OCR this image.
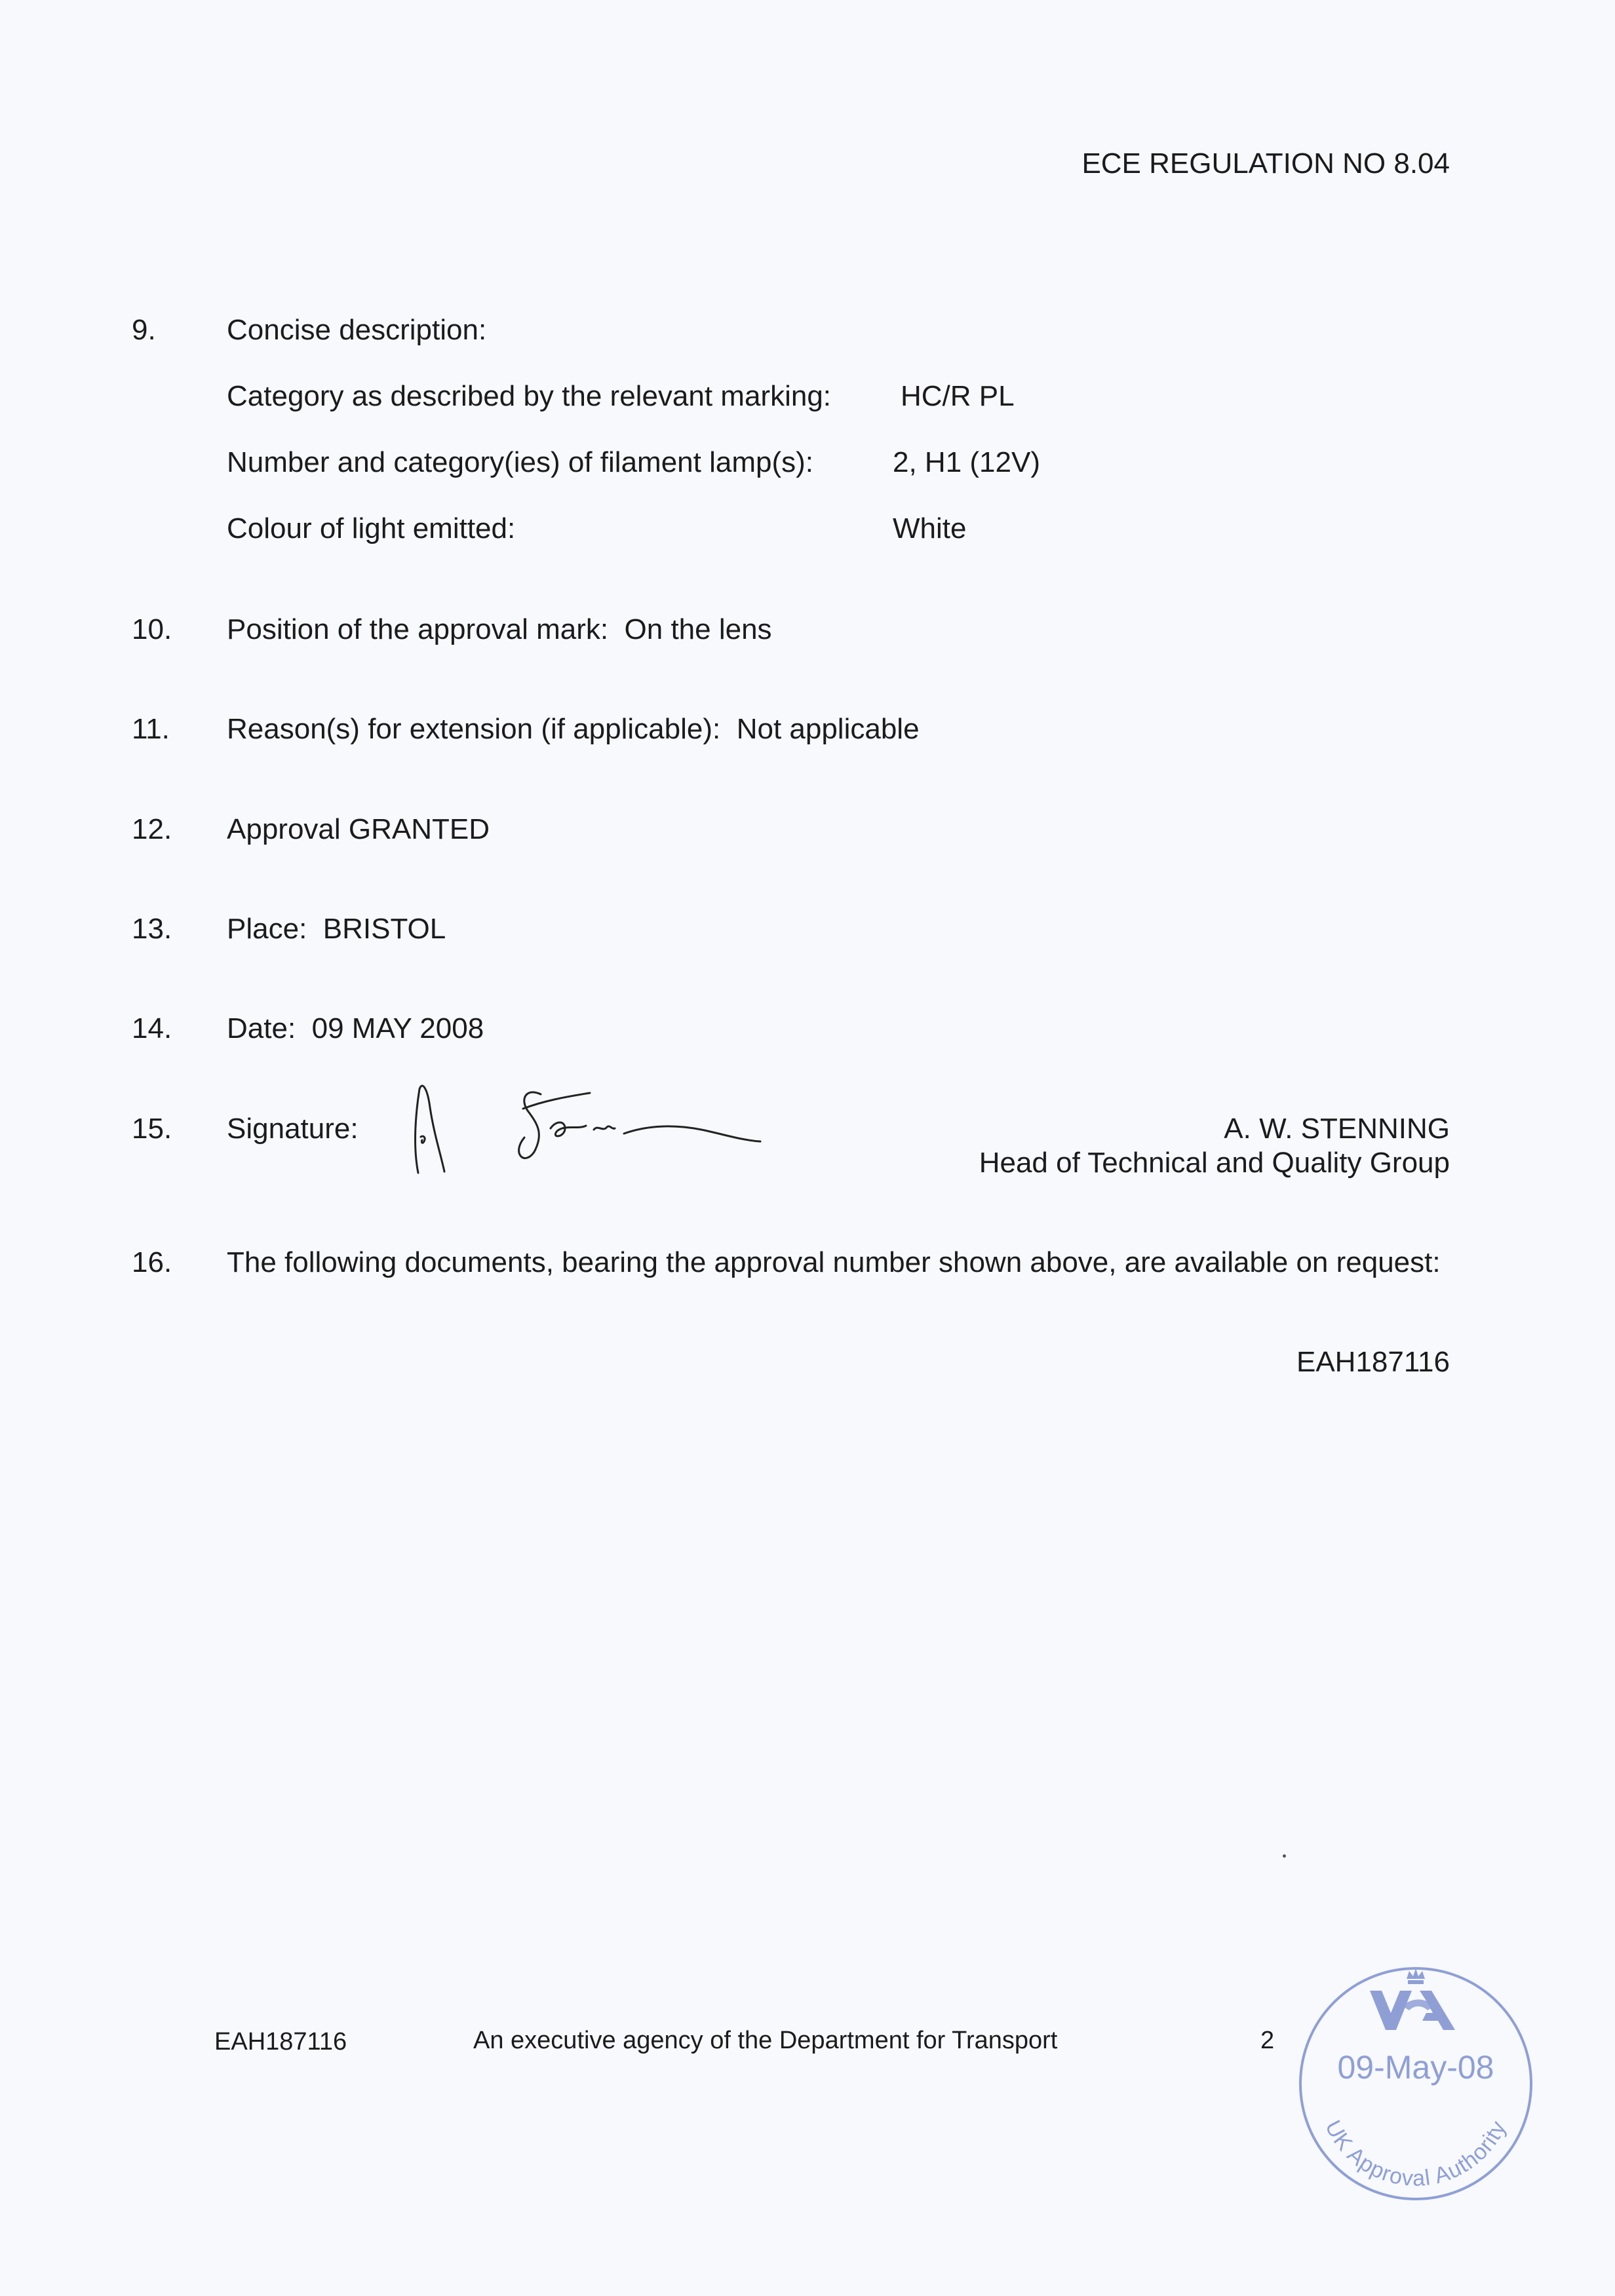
ECE REGULATION NO 8.04
9. Concise description:
Category as described by the relevant marking: HC/R PL
Number and category(ies) of filament lamp(s):	2, H1 (12V)
Colour of light emitted:	White
10. Position of the approval mark: On the lens
11. Reason(s) for extension (if applicable): Not applicable
12. Approval GRANTED
13. Place: BRISTOL
14. Date: 09 MAY 2008
15. Signature:	A. W. STENNING
Head of Technical and Quality Group
16. The following documents, bearing the approval number shown above, are available on request:
EAH187116
EAH187116	An executive agency of the Department for Transport	2
09-May-08
UK Approval Authority
